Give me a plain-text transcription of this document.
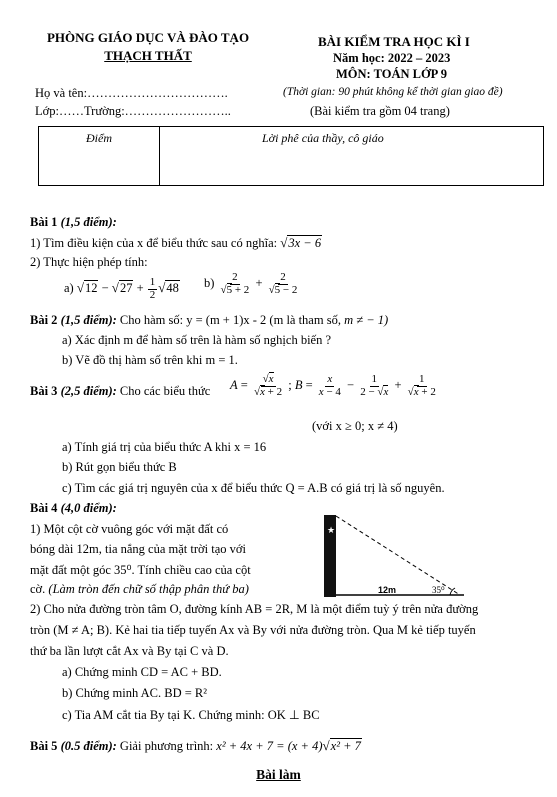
PHÒNG GIÁO DỤC VÀ ĐÀO TẠO
THẠCH THẤT
BÀI KIỂM TRA HỌC KÌ I
Năm học: 2022 – 2023
MÔN: TOÁN LỚP 9
Họ và tên:…………………………….	(Thời gian: 90 phút không kể thời gian giao đề)
Lớp:……Trường:……………………..	(Bài kiểm tra gồm 04 trang)
Điểm	Lời phê của thầy, cô giáo
Bài 1 (1,5 điểm):
1) Tìm điều kiện của x để biểu thức sau có nghĩa: √3x − 6
2) Thực hiện phép tính:
a) $√12 - √27 + \frac{1}{2} √48$ $b) \frac{2}{√5 + 2} + \frac{2}{√5 - 2}$
Bài 2 (1,5 điểm): Cho hàm số: y = (m + 1)x - 2 (m là tham số, m ≠ − 1)
a) Xác định m để hàm số trên là hàm số nghịch biến ?
b) Vẽ đồ thị hàm số trên khi m = 1.
Bài 3 (2,5 điểm): Cho các biểu thức $A = \frac{√x}{√x + 2}$ ; $B = \frac{x}{x - 4} - \frac{1}{2 - √x} + \frac{1}{√x + 2}$
(với x ≥ 0; x ≠ 4)
a) Tính giá trị của biểu thức A khi x = 16
b) Rút gọn biểu thức B
c) Tìm các giá trị nguyên của x để biểu thức Q = A.B có giá trị là số nguyên.
Bài 4 (4,0 điểm):
1) Một cột cờ vuông góc với mặt đất có
bóng dài 12m, tia nắng của mặt trời tạo với
mặt đất một góc 35⁰. Tính chiều cao của cột
cờ. (Làm tròn đến chữ số thập phân thứ ba)
★
12m	35⁰
2) Cho nửa đường tròn tâm O, đường kính AB = 2R, M là một điểm tuỳ ý trên nửa đường
tròn (M ≠ A; B). Kẻ hai tia tiếp tuyến Ax và By với nửa đường tròn. Qua M kẻ tiếp tuyến
thứ ba lần lượt cắt Ax và By tại C và D.
a) Chứng minh CD = AC + BD.
b) Chứng minh AC. BD = R²
c) Tia AM cắt tia By tại K. Chứng minh: OK ⊥ BC
Bài 5 (0.5 điểm): Giải phương trình: x² + 4x + 7 = (x + 4)√x² + 7
Bài làm
